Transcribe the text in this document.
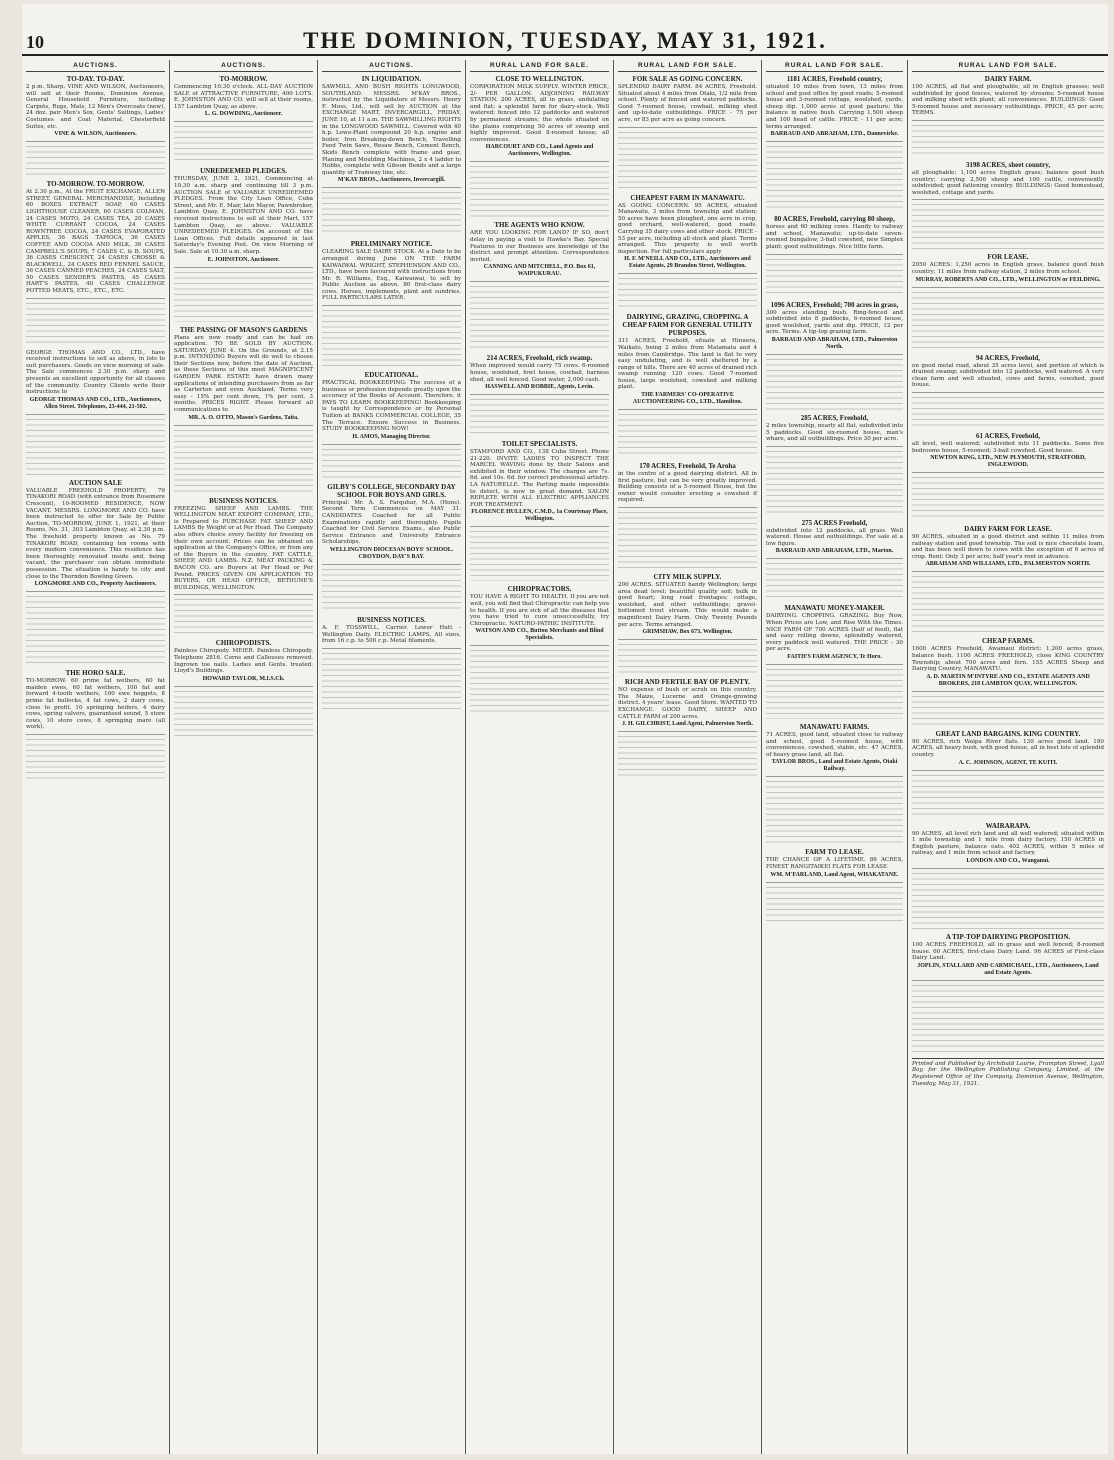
10	THE DOMINION, TUESDAY, MAY 31, 1921.
AUCTIONS.
TO-DAY. TO-DAY.
2 p.m. Sharp. VINE AND WILSON, Auctioneers, will sell at their Rooms, Dominion Avenue, General Household Furniture, including Carpets, Rugs, Mats, 12 Men's Overcoats (new), 24 doz. pair Men's Sox, Gents' Suitings, Ladies' Costumes and Coat Material, Chesterfield Suites, etc.
VINE & WILSON, Auctioneers.
TO-MORROW. TO-MORROW.
At 2.30 p.m., At the FRUIT EXCHANGE, ALLEN STREET. GENERAL MERCHANDISE, Including 60 BOXES EXTRACT SOAP, 60 CASES LIGHTHOUSE CLEANER, 60 CASES COLMAN, 24 CASES MOTO, 24 CASES TEA, 20 CASES WHITE CURRANT COCOA, 24 CASES ROWNTREE COCOA, 24 CASES EVAPORATED APPLES, 36 BAGS TAPIOCA, 36 CASES COFFEE AND COCOA AND MILK, 36 CASES CAMPBELL'S SOUPS, 7 CASES C. & B. SOUPS, 36 CASES CRESCENT, 24 CASES CROSSE & BLACKWELL, 24 CASES RED FENNEL SAUCE, 36 CASES CANNED PEACHES, 24 CASES SALT, 50 CASES SENDER'S PASTES, 45 CASES HART'S PASTES, 40 CASES CHALLENGE POTTED MEATS, ETC., ETC., ETC.
GEORGE THOMAS AND CO., LTD., have received instructions to sell as above, in lots to suit purchasers. Goods on view morning of sale. The Sale commences 2.30 p.m. sharp and presents an excellent opportunity for all classes of the community. Country Clients write their instructions to
GEORGE THOMAS AND CO., LTD., Auctioneers, Allen Street. Telephones, 23-444, 21-502.
AUCTION SALE
VALUABLE FREEHOLD PROPERTY, 79 TINAKORI ROAD (with entrance from Rosemere Crescent), 10-ROOMED RESIDENCE, NOW VACANT. MESSRS. LONGMORE AND CO. have been instructed to offer for Sale by Public Auction, TO-MORROW, JUNE 1, 1921, at their Rooms, No. 31, 303 Lambton Quay, at 2.30 p.m. The freehold property known as No. 79 TINAKORI ROAD, containing ten rooms with every modern convenience. This residence has been thoroughly renovated inside and, being vacant, the purchaser can obtain immediate possession. The situation is handy to city and close to the Thorndon Bowling Green.
LONGMORE AND CO., Property Auctioneers.
THE HORO SALE.
TO-MORROW. 60 prime fat wethers, 60 fat maiden ewes, 60 fat wethers, 100 fat and forward 4-tooth wethers, 100 ewe hoggets, 8 prime fat bullocks, 4 fat cows, 2 dairy cows, close to profit, 10 springing heifers, 4 dairy cows, spring calvers, guaranteed sound, 5 store cows, 10 store cows, 8 springing mare (all work).
AUCTIONS.
TO-MORROW.
Commencing 10.30 o'clock. ALL-DAY AUCTION SALE of ATTRACTIVE FURNITURE, 400 LOTS. E. JOHNSTON AND CO. will sell at their rooms, 157 Lambton Quay, as above.
L. G. DOWDING, Auctioneer.
UNREDEEMED PLEDGES.
THURSDAY, JUNE 2, 1921, Commencing at 10.30 a.m. sharp and continuing till 3 p.m. AUCTION SALE of VALUABLE UNREDEEMED PLEDGES. From the City Loan Office, Cuba Street, and Mr. E. Mair, late Mayor, Pawnbroker, Lambton Quay. E. JOHNSTON AND CO. have received instructions to sell at their Mart, 157 Lambton Quay, as above. VALUABLE UNREDEEMED PLEDGES. On account of the Loan Offices. Full details appeared in last Saturday's Evening Post. On view Morning of Sale. Sale at 10.30 a.m. sharp.
E. JOHNSTON, Auctioneer.
THE PASSING OF MASON'S GARDENS
Plans are now ready and can be had on application. TO BE SOLD BY AUCTION. SATURDAY, JUNE 4. On the Grounds, at 2.15 p.m. INTENDING Buyers will do well to choose their Sections now, before the date of Auction, as these Sections of this most MAGNIFICENT GARDEN PARK ESTATE have drawn many applications of intending purchasers from as far as Carterton and even Auckland. Terms very easy - 15% per cent down, 1% per cent. 3 months. PRICES RIGHT. Please forward all communications to
MR. A. O. OTTO, Mason's Gardens, Taita.
BUSINESS NOTICES.
FREEZING SHEEP AND LAMBS. THE WELLINGTON MEAT EXPORT COMPANY, LTD., is Prepared to PURCHASE FAT SHEEP AND LAMBS By Weight or at Per Head. The Company also offers choice every facility for freezing on their own account. Prices can be obtained on application at the Company's Office, or from any of the Buyers in the country. FAT CATTLE, SHEEP, AND LAMBS. N.Z. MEAT PACKING & BACON CO. are Buyers at Per Head or Per Pound. PRICES GIVEN ON APPLICATION TO BUYERS, OR HEAD OFFICE, BETHUNE'S BUILDINGS, WELLINGTON.
CHIROPODISTS.
Painless Chiropody. MEIER. Painless Chiropody. Telephone 2816. Corns and Callouses removed. Ingrown toe nails. Ladies and Gents. treated. Lloyd's Buildings.
HOWARD TAYLOR, M.I.S.Ch.
AUCTIONS.
IN LIQUIDATION.
SAWMILL AND BUSH RIGHTS LONGWOOD, SOUTHLAND. MESSRS. M'KAY BROS., instructed by the Liquidators of Messrs. Henry F. Moss, Ltd., will sell by AUCTION at the EXCHANGE MART, INVERCARGILL, FRIDAY, JUNE 10, at 11 a.m. THE SAWMILLING RIGHTS in the LONGWOOD SAWMILL. Covered with 40 h.p. Lowe-Plant compound 20 h.p. engine and boiler, Iron Breaking-down Bench, Travelling Feed Twin Saws, Resaw Bench, Cement Bench, Skids Bench complete with frame and gear, Planing and Moulding Machines, 2 x 4 ladder to Hobbs, complete with Gibson Bends and a large quantity of Tramway line, etc.
M'KAY BROS., Auctioneers, Invercargill.
PRELIMINARY NOTICE.
CLEARING SALE DAIRY STOCK. At a Date to be arranged during June ON THE FARM KAIWAIWAI. WRIGHT, STEPHENSON AND CO., LTD., have been favoured with instructions from Mr. R. Williams, Esq., Kaiwaiwai, to sell by Public Auction as above. 80 first-class dairy cows. Horses, implements, plant and sundries. FULL PARTICULARS LATER.
EDUCATIONAL.
PRACTICAL BOOKKEEPING. The success of a business or profession depends greatly upon the accuracy of the Books of Account. Therefore, it PAYS TO LEARN BOOKKEEPING! Bookkeeping is taught by Correspondence or by Personal Tuition at BANKS COMMERCIAL COLLEGE, 35 The Terrace. Ensure Success in Business. STUDY BOOKKEEPING NOW!
H. AMOS, Managing Director.
GILBY'S COLLEGE, SECONDARY DAY SCHOOL FOR BOYS AND GIRLS.
Principal: Mr. A. S. Farquhar, M.A. (Hons). Second Term Commences on MAY 31. CANDIDATES Coached for all Public Examinations rapidly and thoroughly. Pupils Coached for Civil Service Exams., also Public Service Entrance and University Entrance Scholarships.
WELLINGTON DIOCESAN BOYS' SCHOOL. CROYDON, DAY'S BAY.
BUSINESS NOTICES.
A. F. TOSSWILL, Carrier. Lower Hutt - Wellington Daily. ELECTRIC LAMPS. All sizes, from 16 c.p. to 500 c.p. Metal filaments.
RURAL LAND FOR SALE.
CLOSE TO WELLINGTON.
CORPORATION MILK SUPPLY. WINTER PRICE, 2/- PER GALLON. ADJOINING RAILWAY STATION. 200 ACRES, all in grass, undulating and flat; a splendid farm for dairy-stock. Well watered; fenced into 12 paddocks and watered by permanent streams; the whole situated on the plains comprising 50 acres of swamp and highly improved. Good 8-roomed house; all conveniences.
HARCOURT AND CO., Land Agents and Auctioneers, Wellington.
THE AGENTS WHO KNOW.
ARE YOU LOOKING FOR LAND? IF SO, don't delay in paying a visit to Hawke's Bay. Special Features in our Business are knowledge of the district and prompt attention. Correspondence invited.
CANNING AND MITCHELL, P.O. Box 61, WAIPUKURAU.
214 ACRES, Freehold, rich swamp.
When improved would carry 75 cows. 6-roomed house, woolshed, fowl house, cowbail, harness shed, all well fenced. Good water, 2,000 cash.
HASWELL AND ROBBIE, Agents, Levin.
TOILET SPECIALISTS.
STAMFORD AND CO., 138 Cuba Street. Phone 21-220. INVITE LADIES TO INSPECT THE MARCEL WAVING done by their Salons and exhibited in their window. The charges are 7s. 6d. and 10s. 6d. for correct professional artistry. LA NATURELLE. The Parting made impossible to detect, is now in great demand. SALON REPLETE WITH ALL ELECTRIC APPLIANCES FOR TREATMENT.
FLORENCE HULLEN, C.M.D., 1a Courtenay Place, Wellington.
CHIROPRACTORS.
YOU HAVE A RIGHT TO HEALTH. If you are not well, you will find that Chiropractic can help you to health. If you are sick of all the diseases that you have tried to cure unsuccessfully, try Chiropractic. NATURO-PATHIC INSTITUTE.
WATSON AND CO., Button Merchants and Blind Specialists.
RURAL LAND FOR SALE.
FOR SALE AS GOING CONCERN.
SPLENDID DAIRY FARM. 84 ACRES, Freehold. Situated about 4 miles from Otaki, 1/2 mile from school. Plenty of fenced and watered paddocks. Good 7-roomed house, cowbail, milking shed and up-to-date outbuildings. PRICE - 75 per acre, or 83 per acre as going concern.
CHEAPEST FARM IN MANAWATU.
AS GOING CONCERN. 95 ACRES, situated Manawatu, 3 miles from township and station; 50 acres have been ploughed, one acre in crop, good orchard, well-watered, good roads. Carrying 35 dairy cows and other stock. PRICE - 53 per acre, including all stock and plant. Terms arranged. This property is well worth inspection. For full particulars apply
H. F. M'NEILL AND CO., LTD., Auctioneers and Estate Agents, 29 Brandon Street, Wellington.
DAIRYING, GRAZING, CROPPING. A CHEAP FARM FOR GENERAL UTILITY PURPOSES.
311 ACRES, Freehold, situate at Hinuera, Waikato, being 2 miles from Matamata and 4 miles from Cambridge. The land is flat to very easy undulating, and is well sheltered by a range of hills. There are 40 acres of drained rich swamp running 120 cows. Good 7-roomed house, large woolshed, cowshed and milking plant.
THE FARMERS' CO-OPERATIVE AUCTIONEERING CO., LTD., Hamilton.
170 ACRES, Freehold, Te Aroha
in the centre of a good dairying district. All in first pasture, but can be very greatly improved. Building consists of a 5-roomed House, but the owner would consider erecting a cowshed if required.
CITY MILK SUPPLY.
200 ACRES. SITUATED handy Wellington; large area dead level; beautiful quality soil; bulk in good heart; long road frontages; cottage, woolshed, and other outbuildings; gravel-bottomed trout stream. This would make a magnificent Dairy Farm. Only Twenty Pounds per acre. Terms arranged.
GRIMSHAW, Box 673, Wellington.
RICH AND FERTILE BAY OF PLENTY.
NO expense of bush or scrub on this country. The Maize, Lucerne and Orange-growing district. 4 years' lease. Good Store. WANTED TO EXCHANGE. GOOD DAIRY, SHEEP AND CATTLE FARM of 200 acres.
J. H. GILCHRIST, Land Agent, Palmerston North.
RURAL LAND FOR SALE.
1181 ACRES, Freehold country,
situated 10 miles from town, 13 miles from school and post office by good roads; 5-roomed house and 3-roomed cottage, woolshed, yards, sheep dip. 1,000 acres of good pasture; the balance in native bush. Carrying 1,500 sheep and 100 head of cattle. PRICE - 11 per acre; terms arranged.
BARRAUD AND ABRAHAM, LTD., Dannevirke.
80 ACRES, Freehold, carrying 80 sheep,
horses and 60 milking cows. Handy to railway and school, Manawatu; up-to-date seven-roomed bungalow, 3-bail cowshed, new Simplex plant; good outbuildings. Nice little farm.
1096 ACRES, Freehold; 700 acres in grass,
300 acres standing bush. Ring-fenced and subdivided into 8 paddocks, 6-roomed house, good woolshed, yards and dip. PRICE, 12 per acre. Terms. A tip-top grazing farm.
BARRAUD AND ABRAHAM, LTD., Palmerston North.
285 ACRES, Freehold,
2 miles township, nearly all flat, subdivided into 5 paddocks. Good six-roomed house, man's whare, and all outbuildings. Price 30 per acre.
275 ACRES Freehold,
subdivided into 12 paddocks, all grass. Well watered. House and outbuildings. For sale at a low figure.
BARRAUD AND ABRAHAM, LTD., Marton.
MANAWATU MONEY-MAKER.
DAIRYING. CROPPING. GRAZING. Buy Now, When Prices are Low, and Rise With the Times. NICE FARM OF 700 ACRES (half of feed), flat and easy rolling downs, splendidly watered, every paddock well watered. THE PRICE - 30 per acre.
FAITH'S FARM AGENCY, Te Horo.
MANAWATU FARMS.
71 ACRES, good land, situated close to railway and school, good 5-roomed house, with conveniences, cowshed, stable, etc. 47 ACRES, of heavy grass land, all flat.
TAYLOR BROS., Land and Estate Agents, Otaki Railway.
FARM TO LEASE.
THE CHANCE OF A LIFETIME. 86 ACRES, FINEST RANGITAIKEI FLATS FOR LEASE.
WM. M'FARLAND, Land Agent, WHAKATANE.
RURAL LAND FOR SALE.
DAIRY FARM.
100 ACRES, all flat and ploughable, all in English grasses; well subdivided by good fences, watered by streams; 5-roomed house and milking shed with plant; all conveniences. BUILDINGS: Good 5-roomed house and necessary outbuildings. PRICE, 45 per acre; TERMS.
3198 ACRES, sheet country,
all ploughable; 1,100 acres English grass; balance good bush country; carrying 2,500 sheep and 100 cattle, conveniently subdivided; good fattening country. BUILDINGS: Good homestead, woolshed, cottage and yards.
FOR LEASE.
2050 ACRES: 1,250 acres in English grass, balance good bush country; 11 miles from railway station, 2 miles from school.
MURRAY, ROBERTS AND CO., LTD., WELLINGTON or FEILDING.
94 ACRES, Freehold,
on good metal road, about 35 acres level, and portion of which is drained swamp; subdivided into 12 paddocks, well watered. A very clean farm and well situated, cows and farms, cowshed, good house.
61 ACRES, Freehold,
all level, well watered; subdivided into 11 paddocks. Some five bedrooms house, 5-roomed; 3-bail cowshed. Good house.
NEWTON KING, LTD., NEW PLYMOUTH, STRATFORD, INGLEWOOD.
DAIRY FARM FOR LEASE.
90 ACRES, situated in a good district and within 11 miles from railway station and good township. The soil is nice chocolate loam, and has been well down to cows with the exception of 6 acres of crop. Rent: Only 3 per acre; half year's rent in advance.
ABRAHAM AND WILLIAMS, LTD., PALMERSTON NORTH.
CHEAP FARMS.
1600 ACRES Freehold, Awamaui district; 1,200 acres grass, balance bush. 1100 ACRES FREEHOLD, close KING COUNTRY Township; about 700 acres and fern. 155 ACRES Sheep and Dairying Country, MANAWATU.
A. D. MARTIN M'INTYRE AND CO., ESTATE AGENTS AND BROKERS, 218 LAMBTON QUAY, WELLINGTON.
GREAT LAND BARGAINS. KING COUNTRY.
90 ACRES, rich Waipa River flats. 130 acres good land. 180 ACRES, all heavy bush, with good house, all in best lots of splendid country.
A. C. JOHNSON, AGENT, TE KUITI.
WAIRARAPA.
90 ACRES, all level rich land and all well watered; situated within 1 mile township and 1 mile from dairy factory. 150 ACRES in English pasture, balance oats. 402 ACRES, within 5 miles of railway, and 1 mile from school and factory.
LONDON AND CO., Wanganui.
A TIP-TOP DAIRYING PROPOSITION.
100 ACRES FREEHOLD, all in grass and well fenced; 8-roomed house. 60 ACRES, first-class Dairy Land. 96 ACRES of First-class Dairy Land.
JOPLIN, STALLARD AND CARMICHAEL, LTD., Auctioneers, Land and Estate Agents.
Printed and Published by Archibald Laurie, Frampton Street, Lyall Bay, for the Wellington Publishing Company, Limited, at the Registered Office of the Company, Dominion Avenue, Wellington, Tuesday, May 31, 1921.
